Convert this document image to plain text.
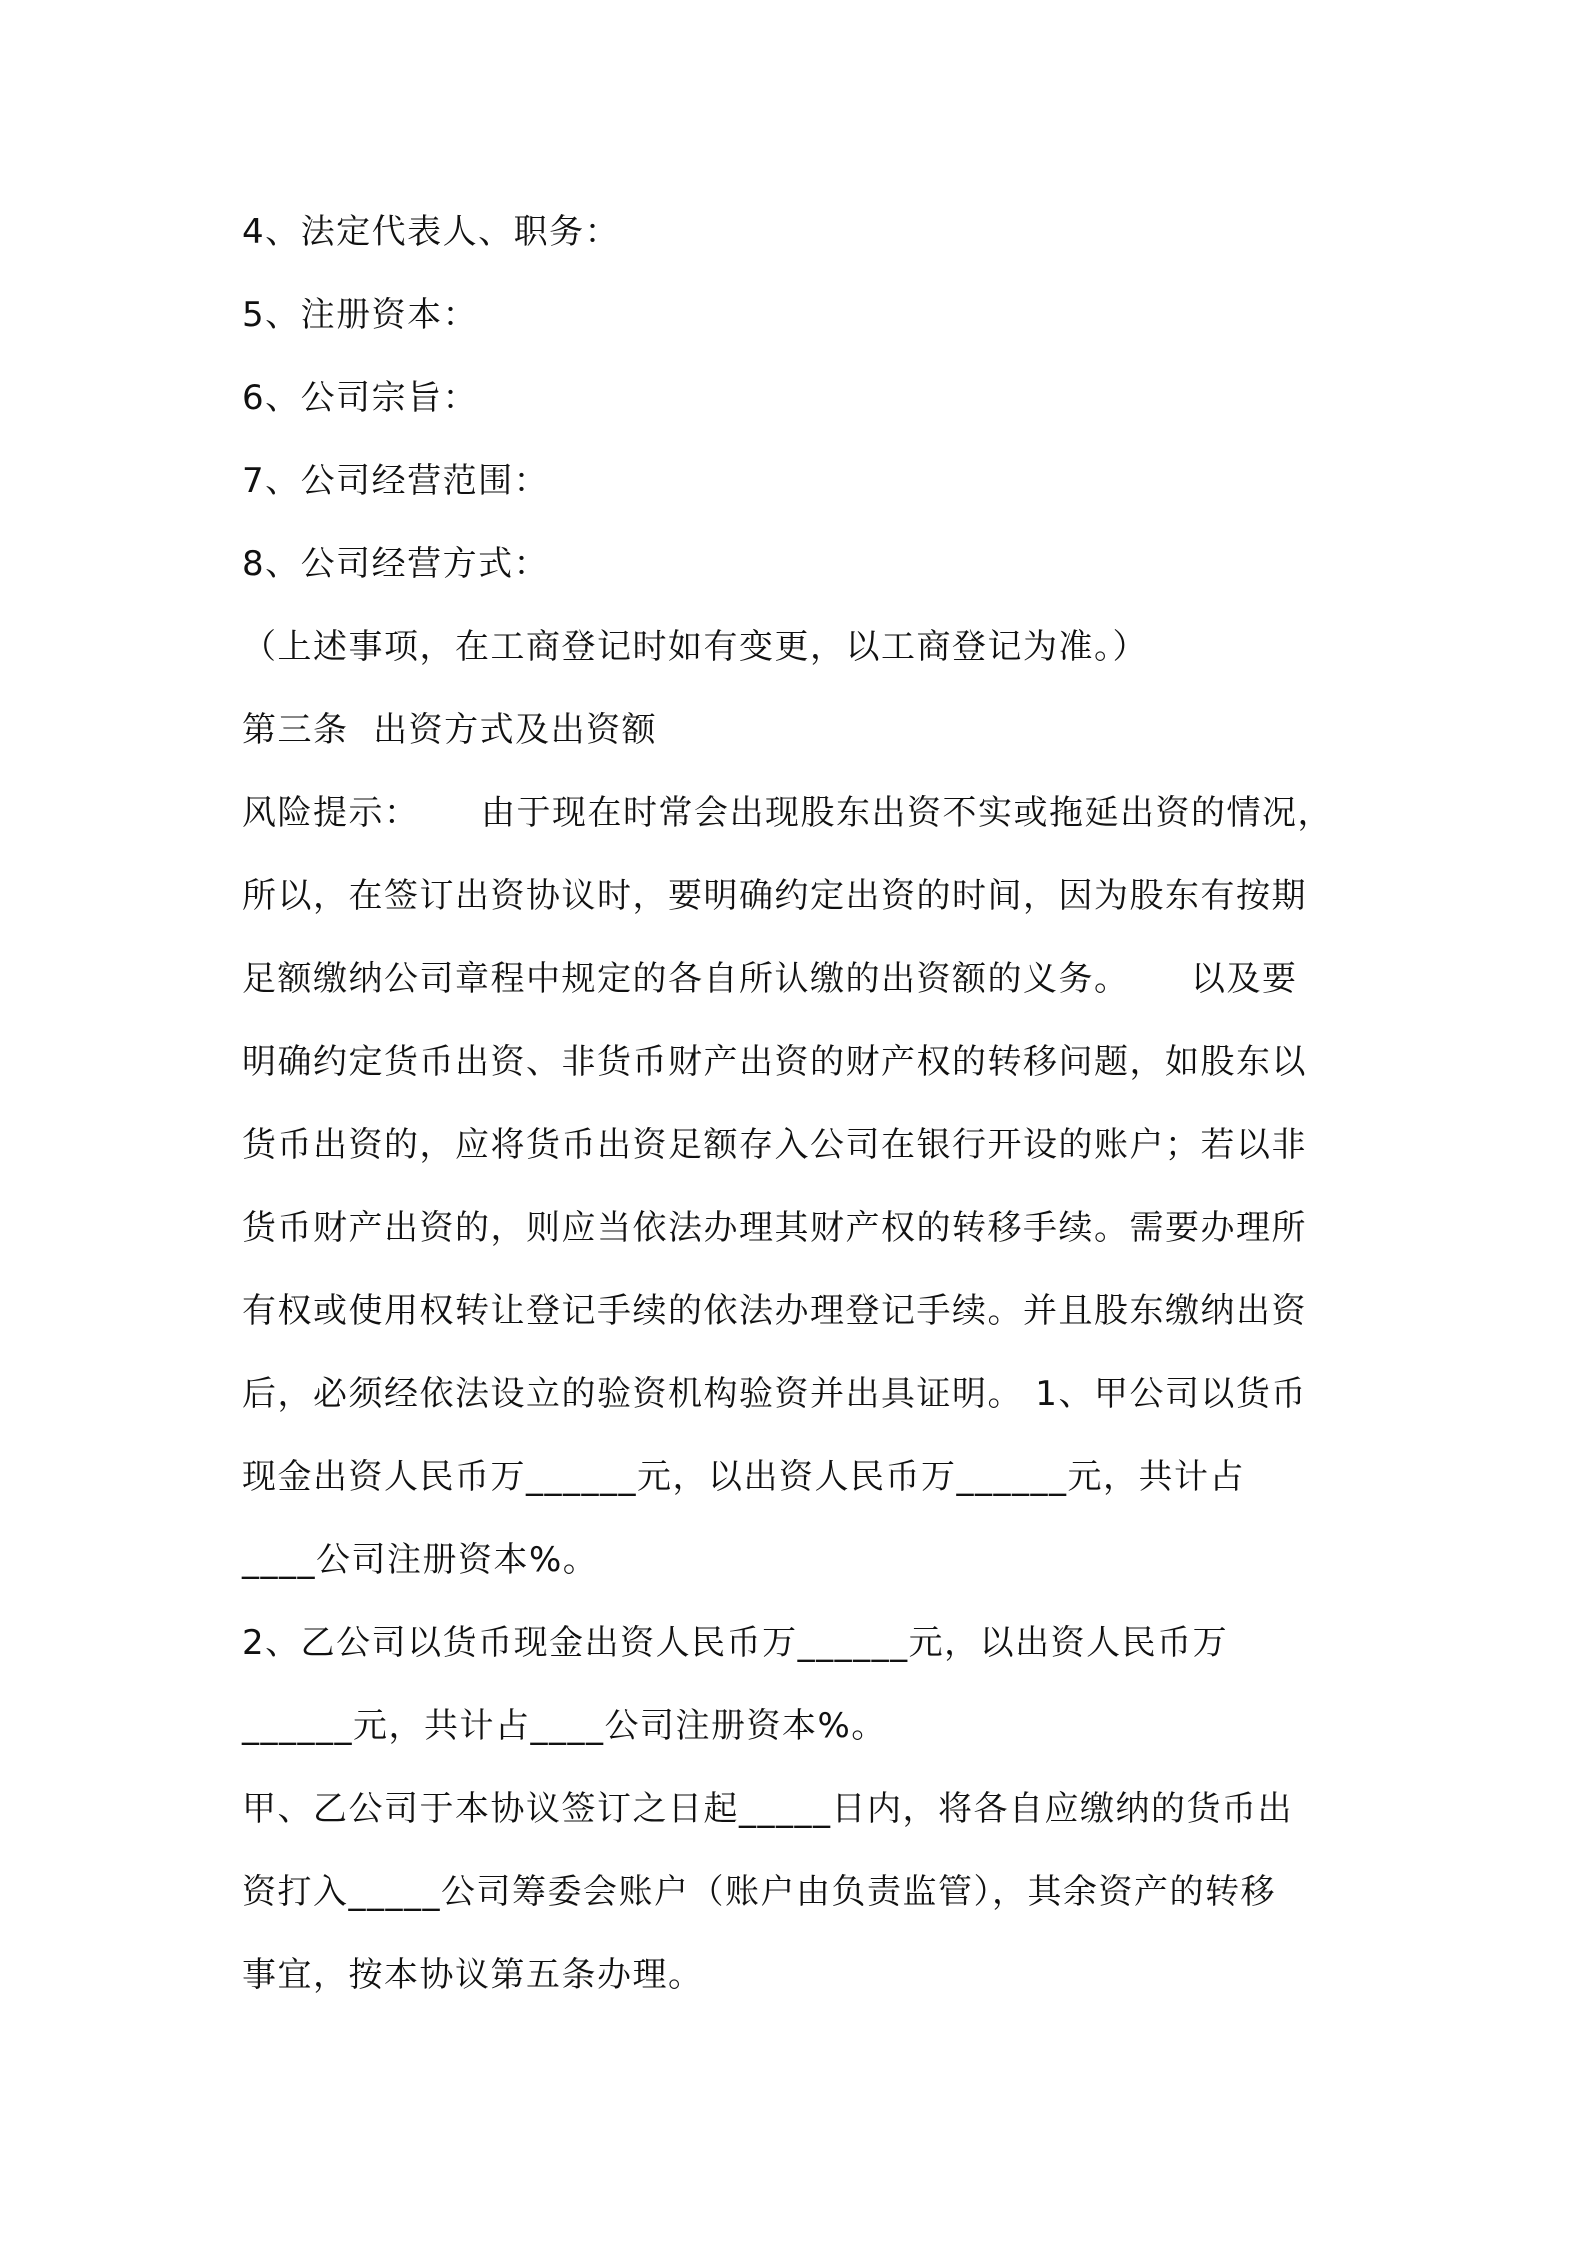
4、法定代表人、职务：
5、注册资本：
6、公司宗旨：
7、公司经营范围：
8、公司经营方式：
（上述事项，在工商登记时如有变更，以工商登记为准。）
第三条  出资方式及出资额
风险提示：     由于现在时常会出现股东出资不实或拖延出资的情况，
所以，在签订出资协议时，要明确约定出资的时间，因为股东有按期
足额缴纳公司章程中规定的各自所认缴的出资额的义务。     以及要
明确约定货币出资、非货币财产出资的财产权的转移问题，如股东以
货币出资的，应将货币出资足额存入公司在银行开设的账户；若以非
货币财产出资的，则应当依法办理其财产权的转移手续。需要办理所
有权或使用权转让登记手续的依法办理登记手续。并且股东缴纳出资
后，必须经依法设立的验资机构验资并出具证明。 1、甲公司以货币
现金出资人民币万______元，以出资人民币万______元，共计占
____公司注册资本%。
2、乙公司以货币现金出资人民币万______元，以出资人民币万
______元，共计占____公司注册资本%。
甲、乙公司于本协议签订之日起_____日内，将各自应缴纳的货币出
资打入_____公司筹委会账户（账户由负责监管），其余资产的转移
事宜，按本协议第五条办理。
